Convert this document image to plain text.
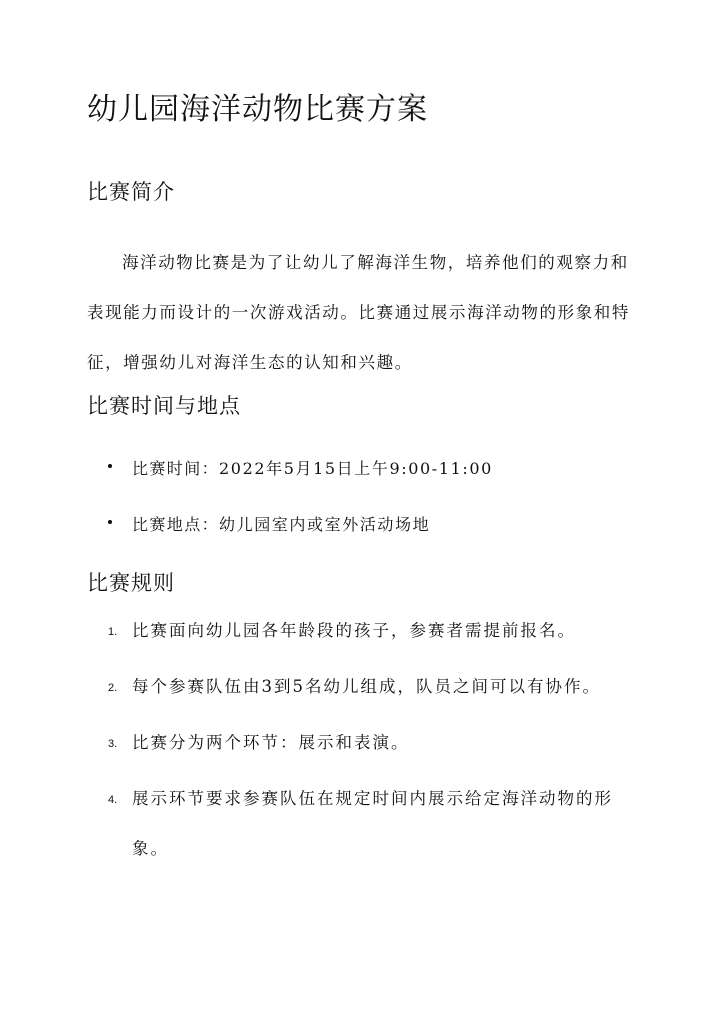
幼儿园海洋动物比赛方案
比赛简介

海洋动物比赛是为了让幼儿了解海洋生物，培养他们的观察力和表现能力而设计的一次游戏活动。比赛通过展示海洋动物的形象和特征，增强幼儿对海洋生态的认知和兴趣。

比赛时间与地点
比赛时间：2022年5月15日上午9:00-11:00
比赛地点：幼儿园室内或室外活动场地
比赛规则
1. 比赛面向幼儿园各年龄段的孩子，参赛者需提前报名。
2. 每个参赛队伍由3到5名幼儿组成，队员之间可以有协作。
3. 比赛分为两个环节：展示和表演。
4. 展示环节要求参赛队伍在规定时间内展示给定海洋动物的形象。
